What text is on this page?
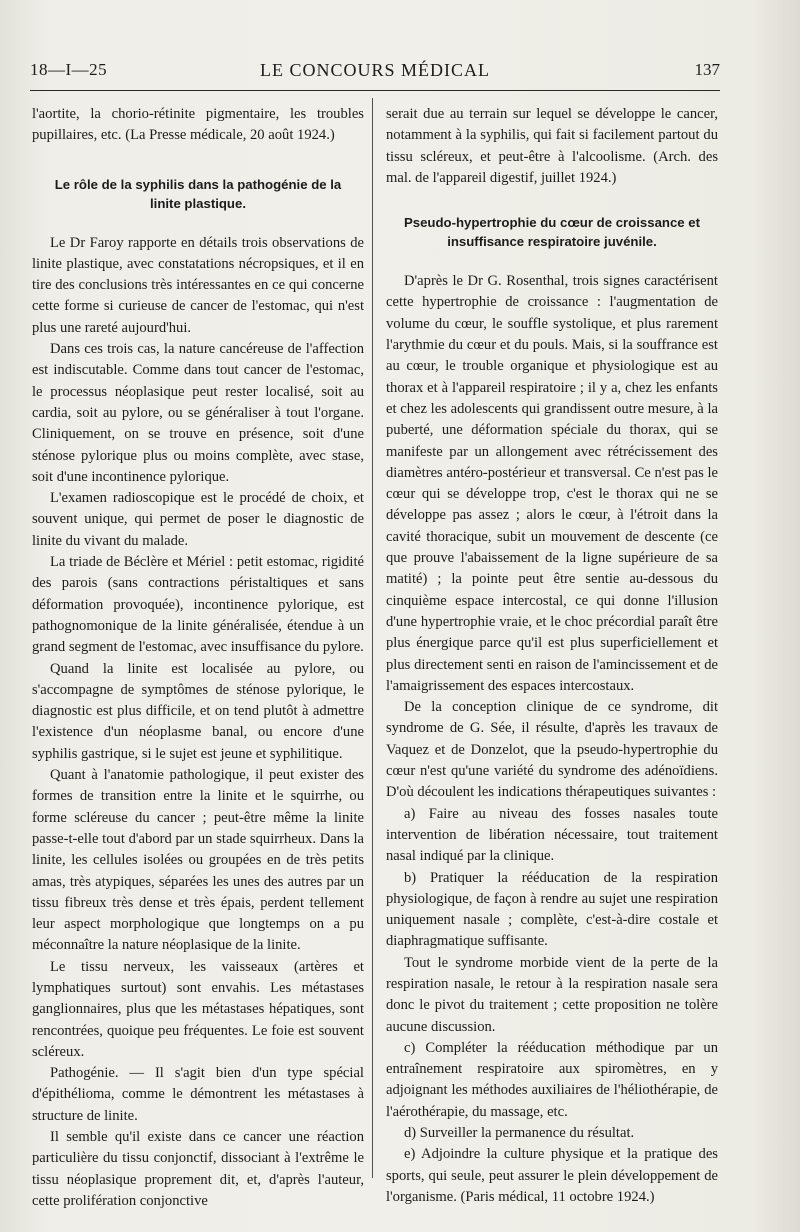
18—I—25	LE CONCOURS MÉDICAL	137

l'aortite, la chorio-rétinite pigmentaire, les troubles pupillaires, etc. (La Presse médicale, 20 août 1924.)

Le rôle de la syphilis dans la pathogénie de la linite plastique.

Le Dr Faroy rapporte en détails trois observations de linite plastique, avec constatations nécropsiques, et il en tire des conclusions très intéressantes en ce qui concerne cette forme si curieuse de cancer de l'estomac, qui n'est plus une rareté aujourd'hui.

Dans ces trois cas, la nature cancéreuse de l'affection est indiscutable. Comme dans tout cancer de l'estomac, le processus néoplasique peut rester localisé, soit au cardia, soit au pylore, ou se généraliser à tout l'organe. Cliniquement, on se trouve en présence, soit d'une sténose pylorique plus ou moins complète, avec stase, soit d'une incontinence pylorique.

L'examen radioscopique est le procédé de choix, et souvent unique, qui permet de poser le diagnostic de linite du vivant du malade.

La triade de Béclère et Mériel : petit estomac, rigidité des parois (sans contractions péristaltiques et sans déformation provoquée), incontinence pylorique, est pathognomonique de la linite généralisée, étendue à un grand segment de l'estomac, avec insuffisance du pylore.

Quand la linite est localisée au pylore, ou s'accompagne de symptômes de sténose pylorique, le diagnostic est plus difficile, et on tend plutôt à admettre l'existence d'un néoplasme banal, ou encore d'une syphilis gastrique, si le sujet est jeune et syphilitique.

Quant à l'anatomie pathologique, il peut exister des formes de transition entre la linite et le squirrhe, ou forme scléreuse du cancer ; peut-être même la linite passe-t-elle tout d'abord par un stade squirrheux. Dans la linite, les cellules isolées ou groupées en de très petits amas, très atypiques, séparées les unes des autres par un tissu fibreux très dense et très épais, perdent tellement leur aspect morphologique que longtemps on a pu méconnaître la nature néoplasique de la linite.

Le tissu nerveux, les vaisseaux (artères et lymphatiques surtout) sont envahis. Les métastases ganglionnaires, plus que les métastases hépatiques, sont rencontrées, quoique peu fréquentes. Le foie est souvent scléreux.

Pathogénie. — Il s'agit bien d'un type spécial d'épithélioma, comme le démontrent les métastases à structure de linite.

Il semble qu'il existe dans ce cancer une réaction particulière du tissu conjonctif, dissociant à l'extrême le tissu néoplasique proprement dit, et, d'après l'auteur, cette prolifération conjonctive

serait due au terrain sur lequel se développe le cancer, notamment à la syphilis, qui fait si facilement partout du tissu scléreux, et peut-être à l'alcoolisme. (Arch. des mal. de l'appareil digestif, juillet 1924.)

Pseudo-hypertrophie du cœur de croissance et insuffisance respiratoire juvénile.

D'après le Dr G. Rosenthal, trois signes caractérisent cette hypertrophie de croissance : l'augmentation de volume du cœur, le souffle systolique, et plus rarement l'arythmie du cœur et du pouls. Mais, si la souffrance est au cœur, le trouble organique et physiologique est au thorax et à l'appareil respiratoire ; il y a, chez les enfants et chez les adolescents qui grandissent outre mesure, à la puberté, une déformation spéciale du thorax, qui se manifeste par un allongement avec rétrécissement des diamètres antéro-postérieur et transversal. Ce n'est pas le cœur qui se développe trop, c'est le thorax qui ne se développe pas assez ; alors le cœur, à l'étroit dans la cavité thoracique, subit un mouvement de descente (ce que prouve l'abaissement de la ligne supérieure de sa matité) ; la pointe peut être sentie au-dessous du cinquième espace intercostal, ce qui donne l'illusion d'une hypertrophie vraie, et le choc précordial paraît être plus énergique parce qu'il est plus superficiellement et plus directement senti en raison de l'amincissement et de l'amaigrissement des espaces intercostaux.

De la conception clinique de ce syndrome, dit syndrome de G. Sée, il résulte, d'après les travaux de Vaquez et de Donzelot, que la pseudo-hypertrophie du cœur n'est qu'une variété du syndrome des adénoïdiens. D'où découlent les indications thérapeutiques suivantes :

a) Faire au niveau des fosses nasales toute intervention de libération nécessaire, tout traitement nasal indiqué par la clinique.

b) Pratiquer la rééducation de la respiration physiologique, de façon à rendre au sujet une respiration uniquement nasale ; complète, c'est-à-dire costale et diaphragmatique suffisante.

Tout le syndrome morbide vient de la perte de la respiration nasale, le retour à la respiration nasale sera donc le pivot du traitement ; cette proposition ne tolère aucune discussion.

c) Compléter la rééducation méthodique par un entraînement respiratoire aux spiromètres, en y adjoignant les méthodes auxiliaires de l'héliothérapie, de l'aérothérapie, du massage, etc.

d) Surveiller la permanence du résultat.

e) Adjoindre la culture physique et la pratique des sports, qui seule, peut assurer le plein développement de l'organisme. (Paris médical, 11 octobre 1924.)
